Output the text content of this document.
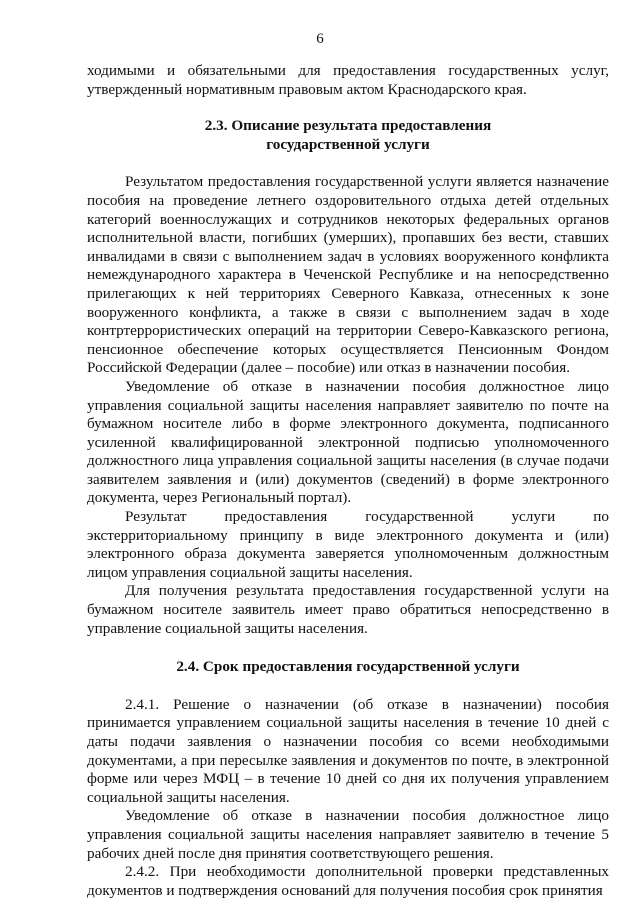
6

ходимыми и обязательными для предоставления государственных услуг, утвержденный нормативным правовым актом Краснодарского края.

2.3. Описание результата предоставления
государственной услуги

Результатом предоставления государственной услуги является назначение пособия на проведение летнего оздоровительного отдыха детей отдельных категорий военнослужащих и сотрудников некоторых федеральных органов исполнительной власти, погибших (умерших), пропавших без вести, ставших инвалидами в связи с выполнением задач в условиях вооруженного конфликта немеждународного характера в Чеченской Республике и на непосредственно прилегающих к ней территориях Северного Кавказа, отнесенных к зоне вооруженного конфликта, а также в связи с выполнением задач в ходе контртеррористических операций на территории Северо-Кавказского региона, пенсионное обеспечение которых осуществляется Пенсионным Фондом Российской Федерации (далее – пособие) или отказ в назначении пособия.

Уведомление об отказе в назначении пособия должностное лицо управления социальной защиты населения направляет заявителю по почте на бумажном носителе либо в форме электронного документа, подписанного усиленной квалифицированной электронной подписью уполномоченного должностного лица управления социальной защиты населения (в случае подачи заявителем заявления и (или) документов (сведений) в форме электронного документа, через Региональный портал).

Результат предоставления государственной услуги по экстерриториальному принципу в виде электронного документа и (или) электронного образа документа заверяется уполномоченным должностным лицом управления социальной защиты населения.

Для получения результата предоставления государственной услуги на бумажном носителе заявитель имеет право обратиться непосредственно в управление социальной защиты населения.

2.4. Срок предоставления государственной услуги

2.4.1. Решение о назначении (об отказе в назначении) пособия принимается управлением социальной защиты населения в течение 10 дней с даты подачи заявления о назначении пособия со всеми необходимыми документами, а при пересылке заявления и документов по почте, в электронной форме или через МФЦ – в течение 10 дней со дня их получения управлением социальной защиты населения.

Уведомление об отказе в назначении пособия должностное лицо управления социальной защиты населения направляет заявителю в течение 5 рабочих дней после дня принятия соответствующего решения.

2.4.2. При необходимости дополнительной проверки представленных документов и подтверждения оснований для получения пособия срок принятия
